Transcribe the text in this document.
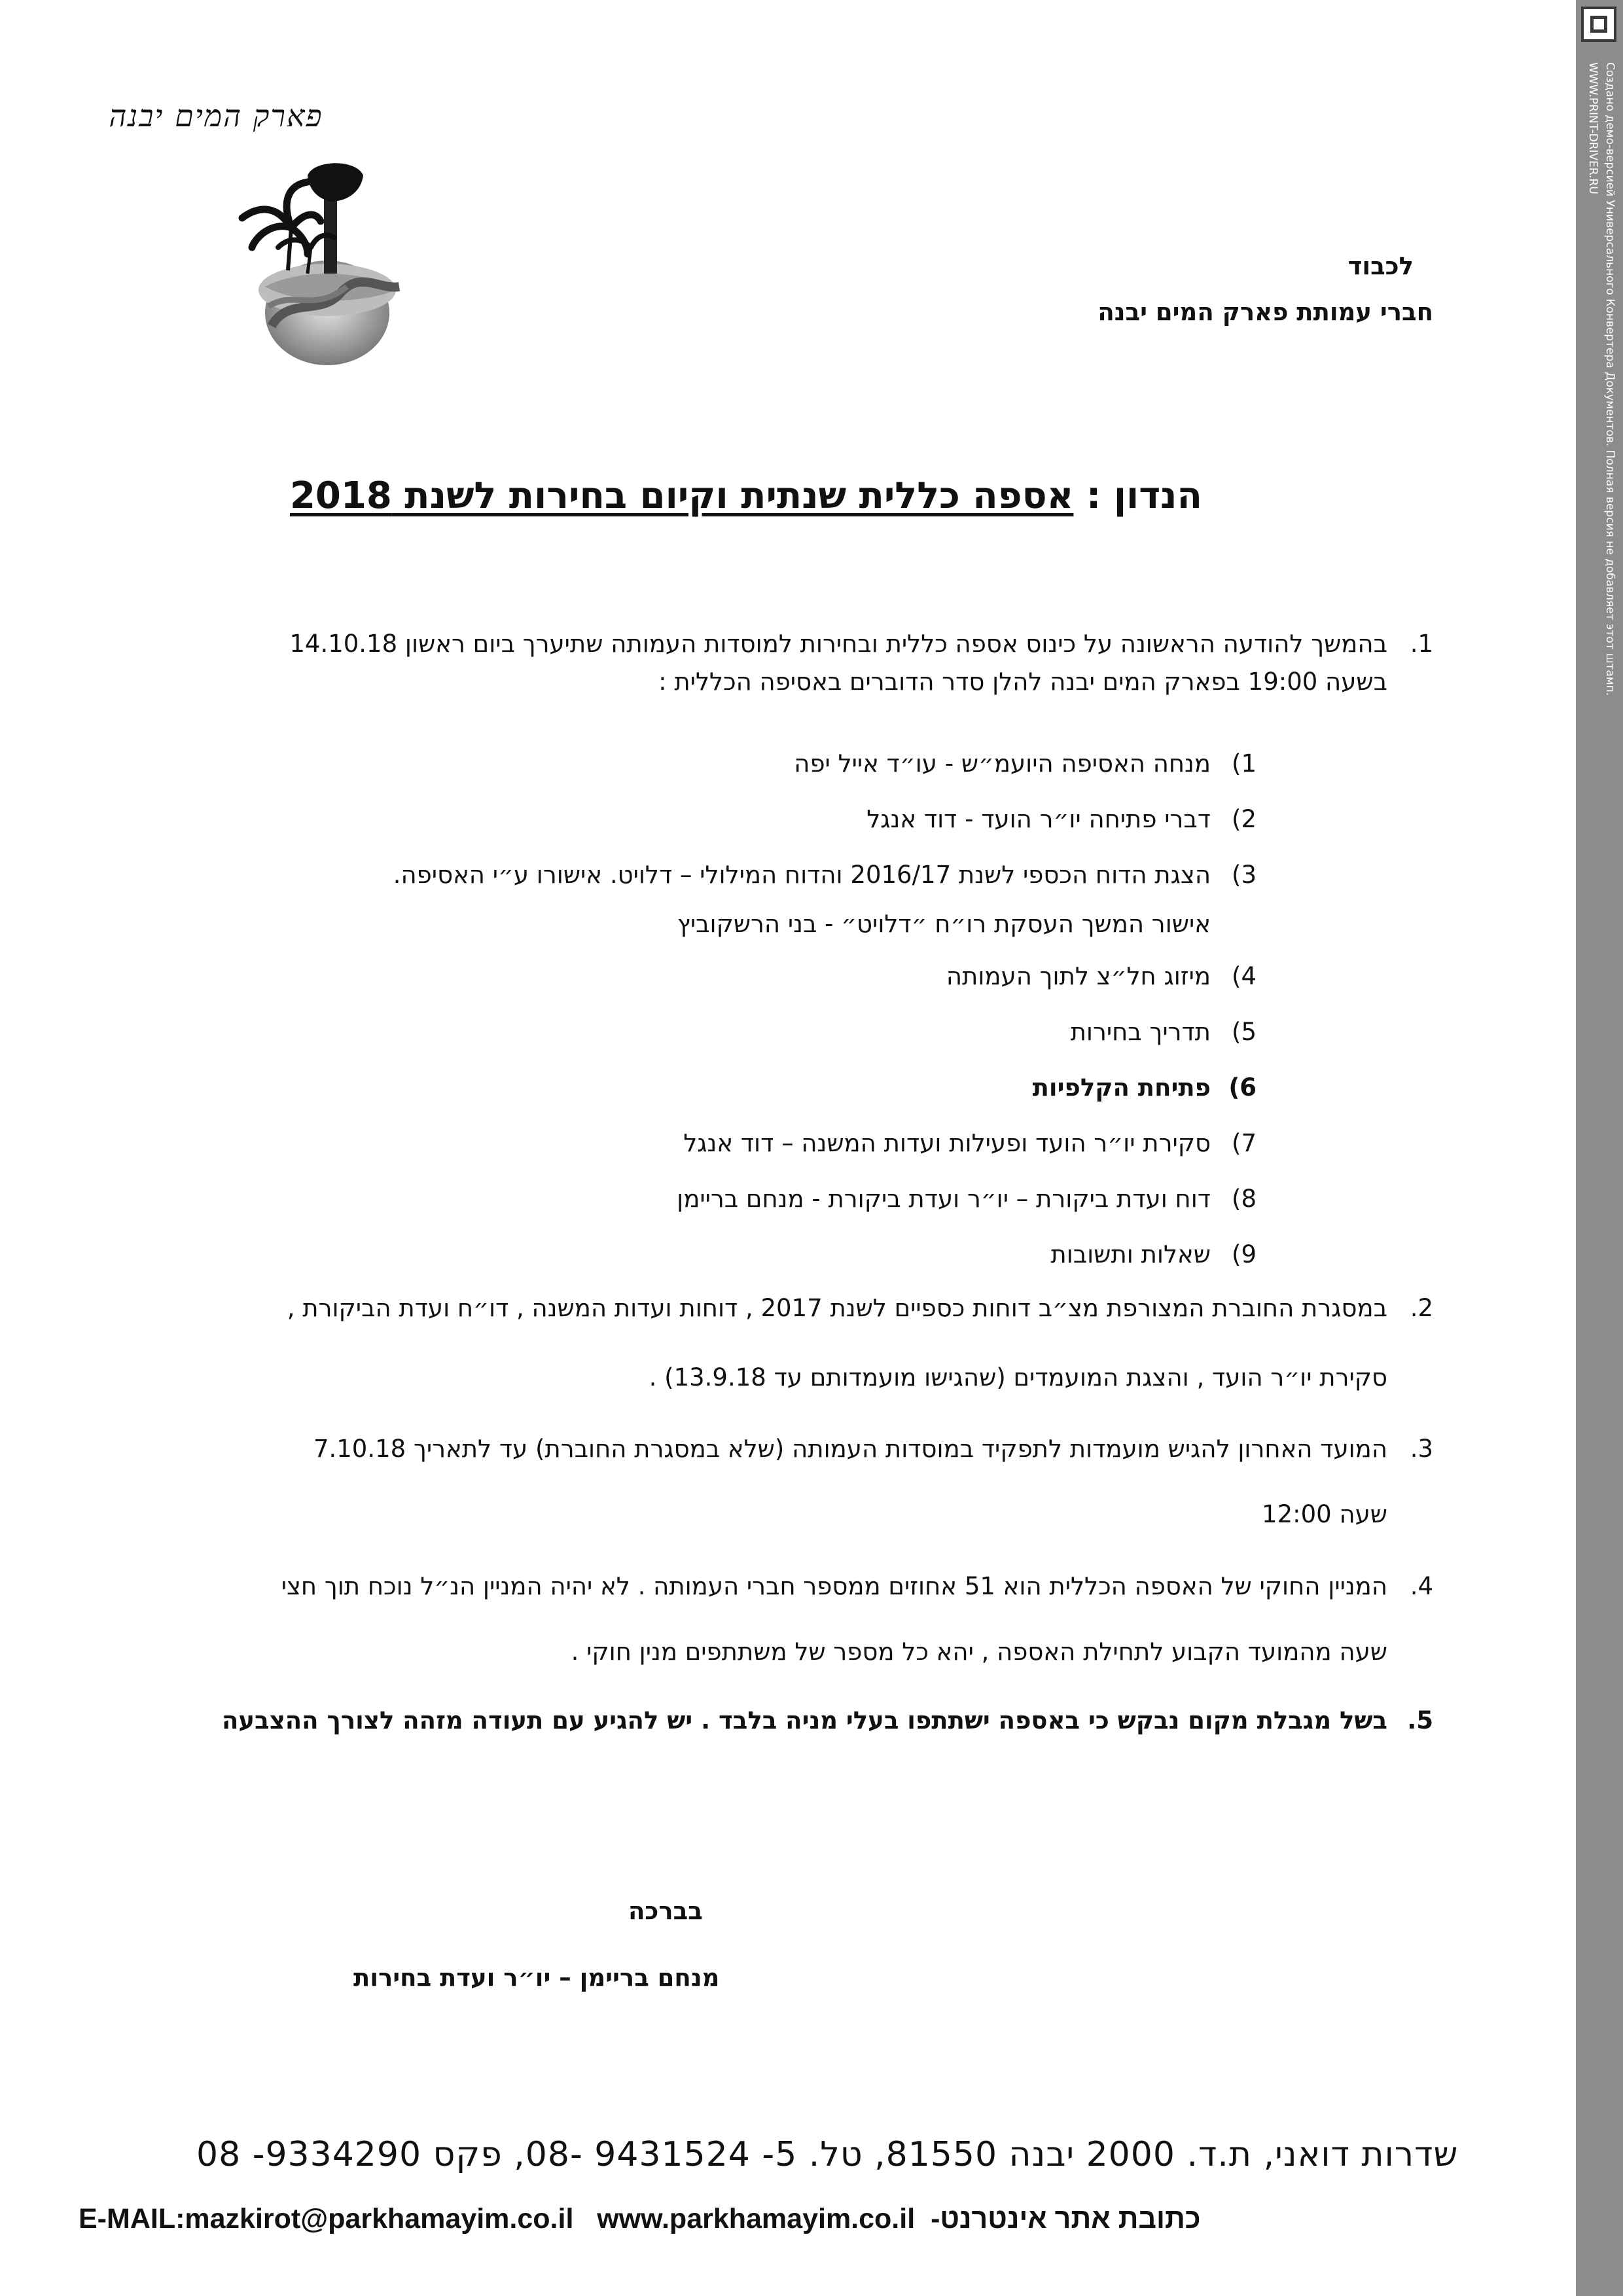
Создано демо-версией Универсального Конвертера Документов. Полная версия не добавляет этот штамп.
WWW.PRINT-DRIVER.RU
פארק המים יבנה
לכבוד
חברי עמותת פארק המים יבנה
הנדון : אספה כללית שנתית וקיום בחירות לשנת 2018
1.
בהמשך להודעה הראשונה על כינוס אספה כללית ובחירות למוסדות העמותה שתיערך ביום ראשון 14.10.18
בשעה 19:00 בפארק המים יבנה להלן סדר הדוברים באסיפה הכללית :
1)
מנחה האסיפה היועמ״ש - עו״ד אייל יפה
2)
דברי פתיחה יו״ר הועד - דוד אנגל
3)
הצגת הדוח הכספי לשנת 2016/17 והדוח המילולי – דלויט. אישורו ע״י האסיפה.
אישור המשך העסקת רו״ח ״דלויט״ - בני הרשקוביץ
4)
מיזוג חל״צ לתוך העמותה
5)
תדריך בחירות
6)
פתיחת הקלפיות
7)
סקירת יו״ר הועד ופעילות ועדות המשנה – דוד אנגל
8)
דוח ועדת ביקורת – יו״ר ועדת ביקורת - מנחם בריימן
9)
שאלות ותשובות
2.
במסגרת החוברת המצורפת מצ״ב דוחות כספיים לשנת 2017 , דוחות ועדות המשנה , דו״ח ועדת הביקורת ,
סקירת יו״ר הועד , והצגת המועמדים (שהגישו מועמדותם עד 13.9.18) .
3.
המועד האחרון להגיש מועמדות לתפקיד במוסדות העמותה (שלא במסגרת החוברת) עד לתאריך 7.10.18
שעה 12:00
4.
המניין החוקי של האספה הכללית הוא 51 אחוזים ממספר חברי העמותה . לא יהיה המניין הנ״ל נוכח תוך חצי
שעה מהמועד הקבוע לתחילת האספה , יהא כל מספר של משתתפים מנין חוקי .
5.
בשל מגבלת מקום נבקש כי באספה ישתתפו בעלי מניה בלבד . יש להגיע עם תעודה מזהה לצורך ההצבעה
בברכה
מנחם בריימן – יו״ר ועדת בחירות
שדרות דואני, ת.ד. 2000 יבנה 81550, טל. 5- 9431524 -08, פקס 9334290- 08
E-MAIL:mazkirot@parkhamayim.co.il www.parkhamayim.co.il כתובת אתר אינטרנט-
